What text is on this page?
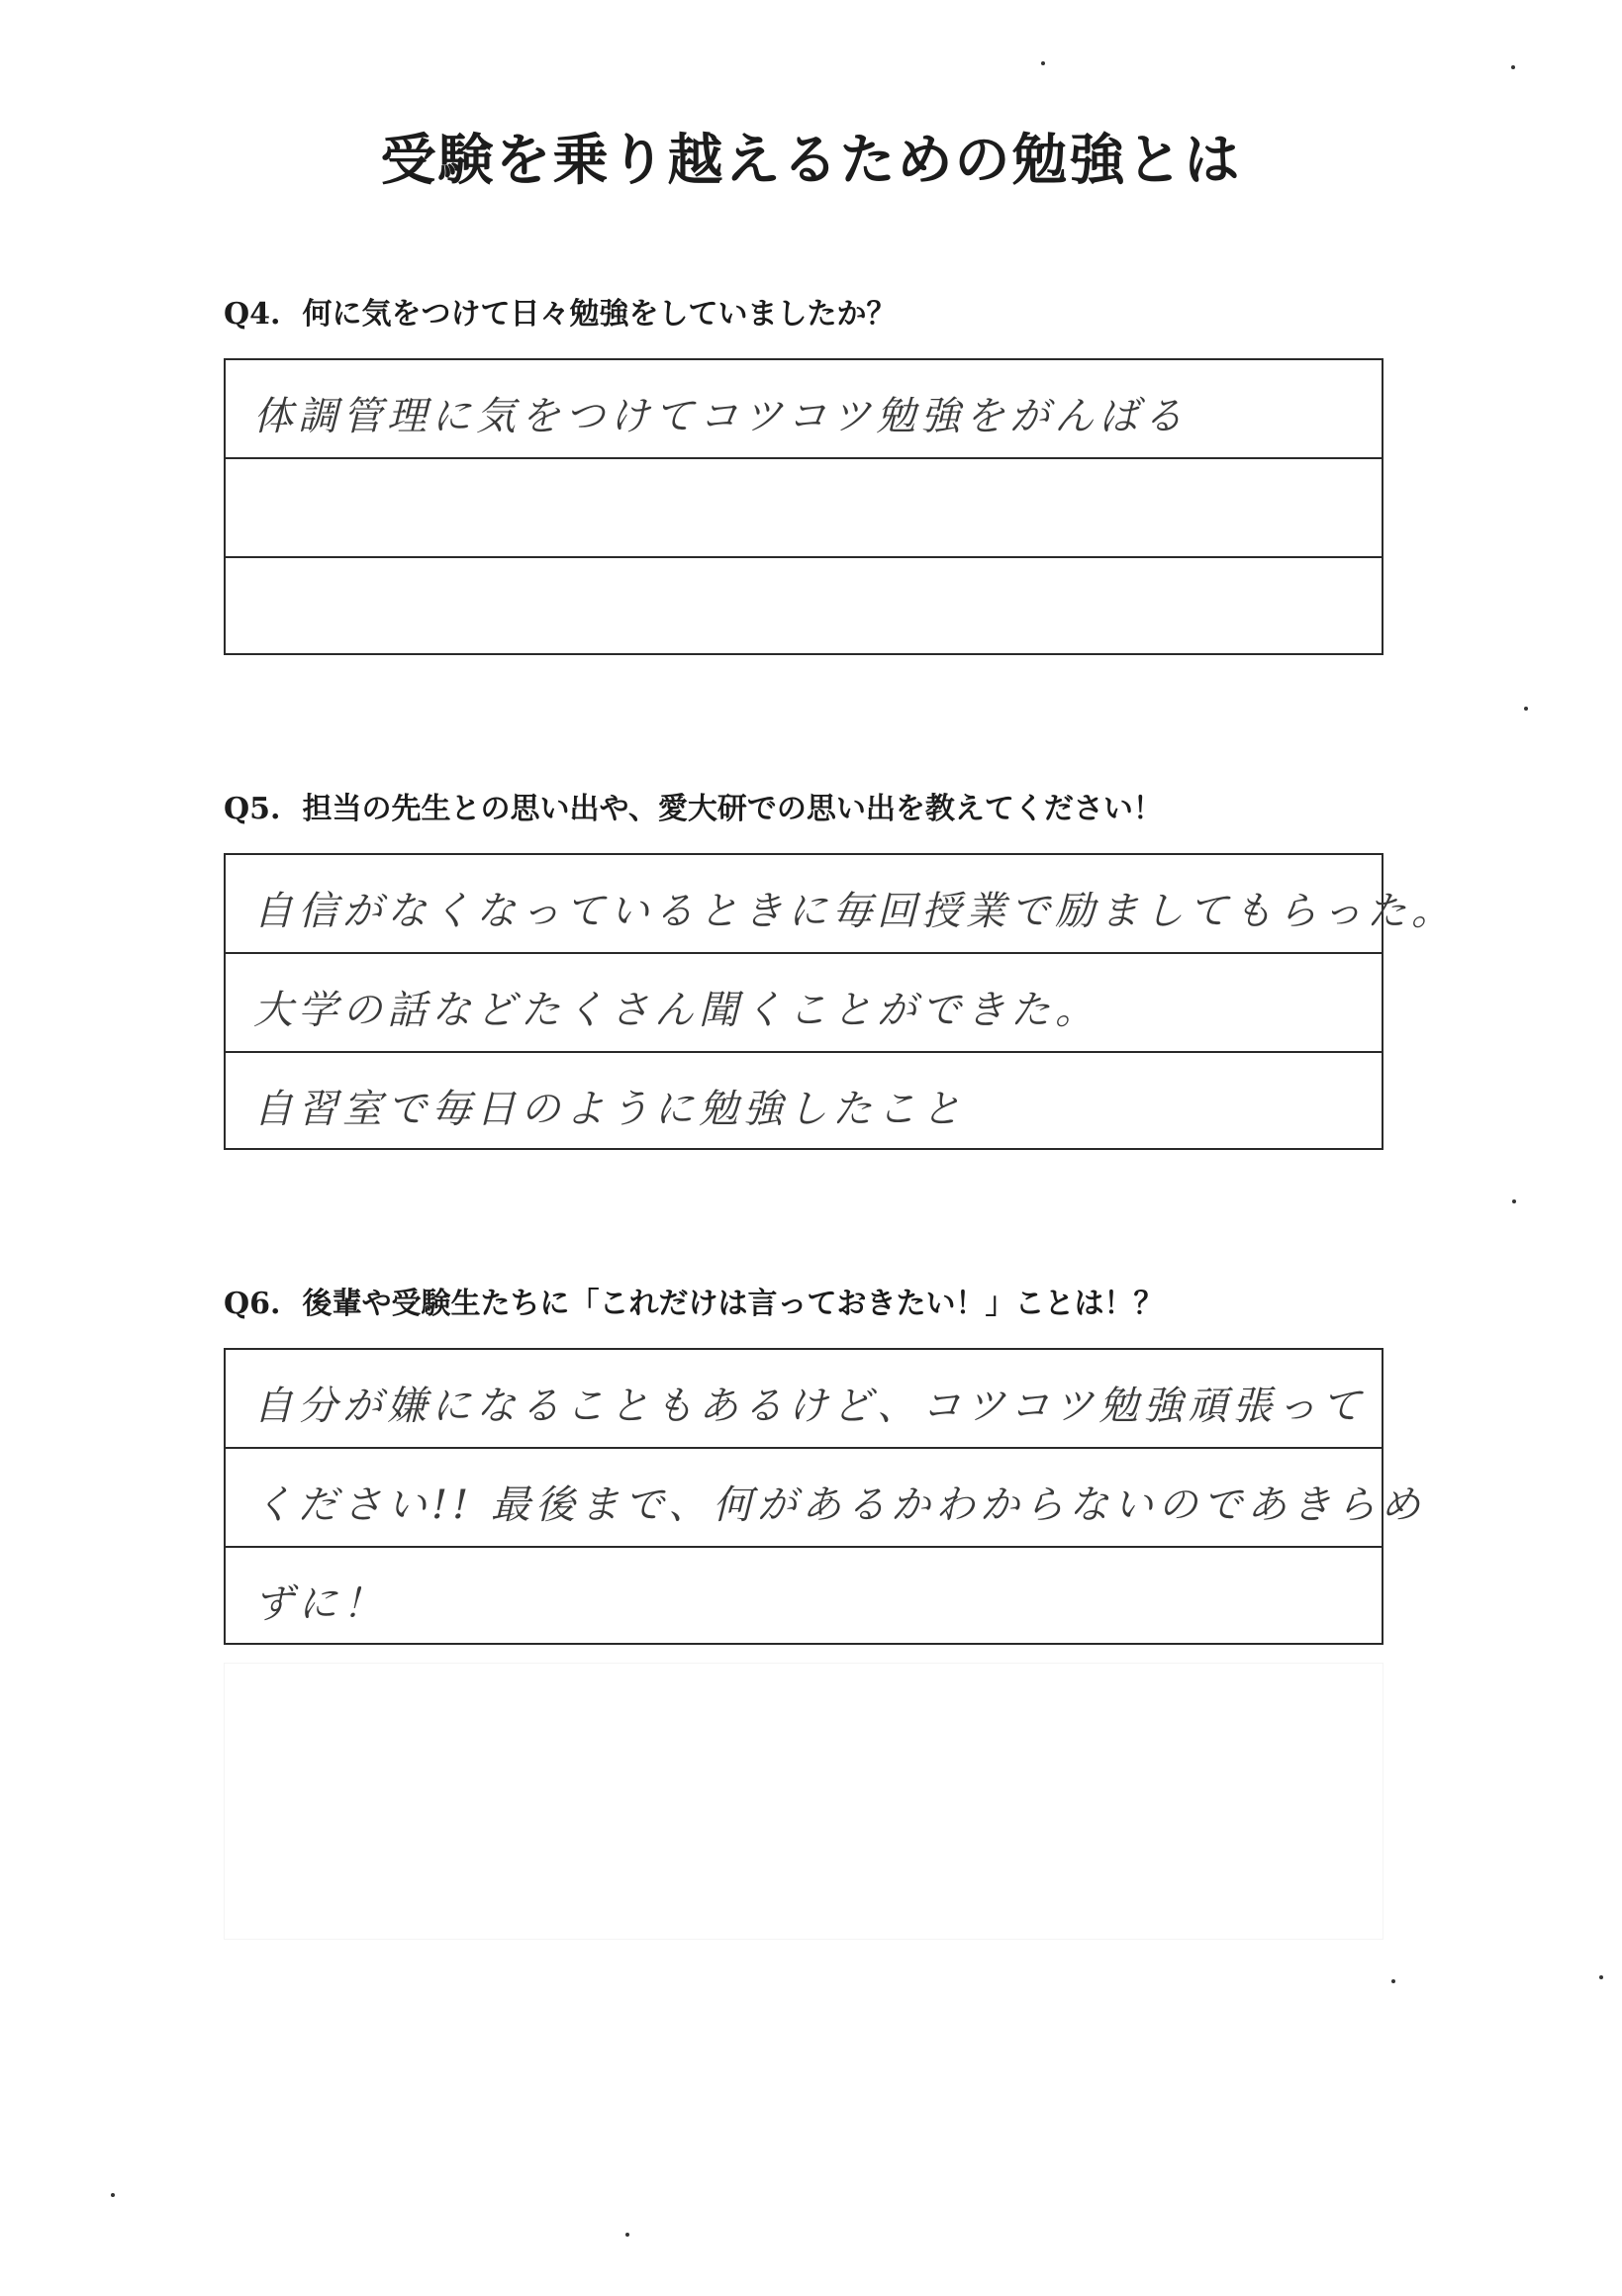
受験を乗り越えるための勉強とは
Q4. 何に気をつけて日々勉強をしていましたか？
体調管理に気をつけてコツコツ勉強をがんばる
Q5. 担当の先生との思い出や、愛大研での思い出を教えてください！
自信がなくなっているときに毎回授業で励ましてもらった。
大学の話などたくさん聞くことができた。
自習室で毎日のように勉強したこと
Q6. 後輩や受験生たちに「これだけは言っておきたい！」ことは！？
自分が嫌になることもあるけど、コツコツ勉強頑張って
ください!! 最後まで、何があるかわからないのであきらめ
ずに！
